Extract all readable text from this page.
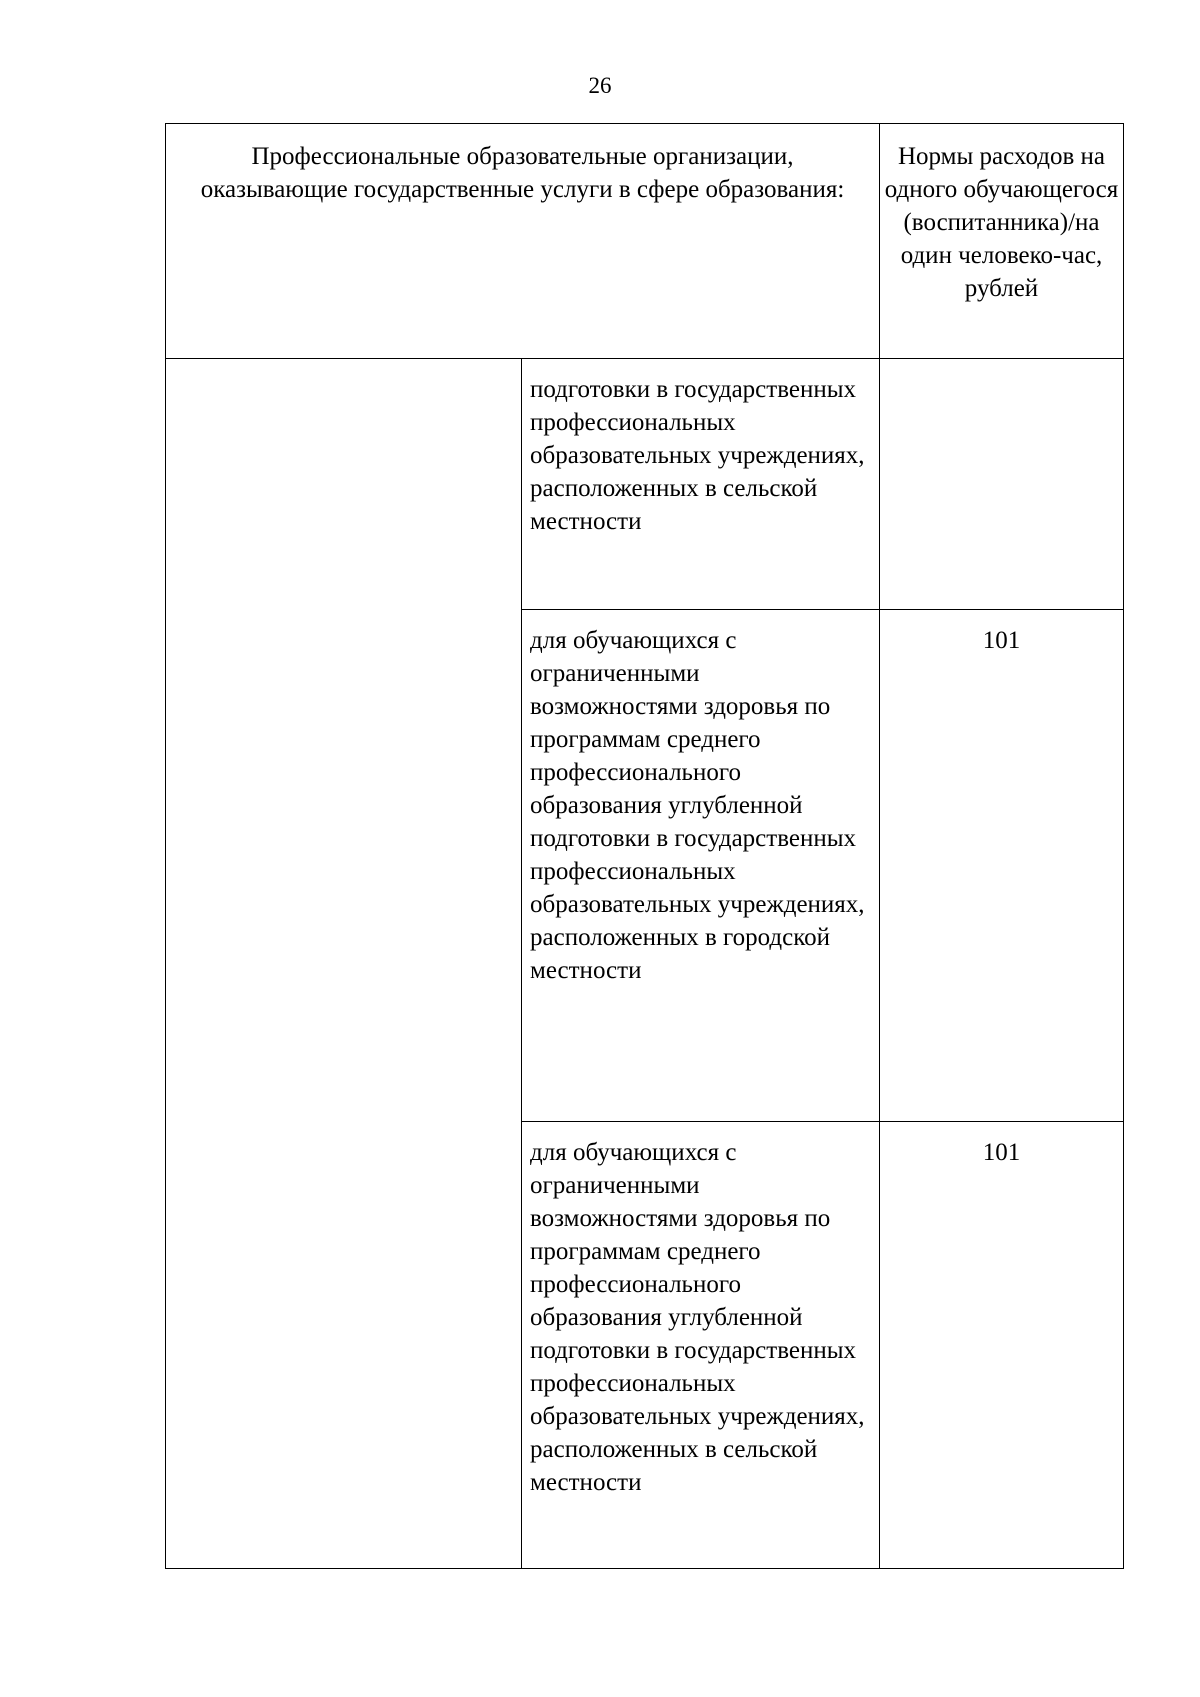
26
Профессиональные образовательные организации, оказывающие государственные услуги в сфере образования:		Нормы расходов на одного обучающегося (воспитанника)/на один человеко-час, рублей
	подготовки в государственных профессиональных образовательных учреждениях, расположенных в сельской местности	
	для обучающихся с ограниченными возможностями здоровья по программам среднего профессионального образования углубленной подготовки в государственных профессиональных образовательных учреждениях, расположенных в городской местности	101
	для обучающихся с ограниченными возможностями здоровья по программам среднего профессионального образования углубленной подготовки в государственных профессиональных образовательных учреждениях, расположенных в сельской местности	101
